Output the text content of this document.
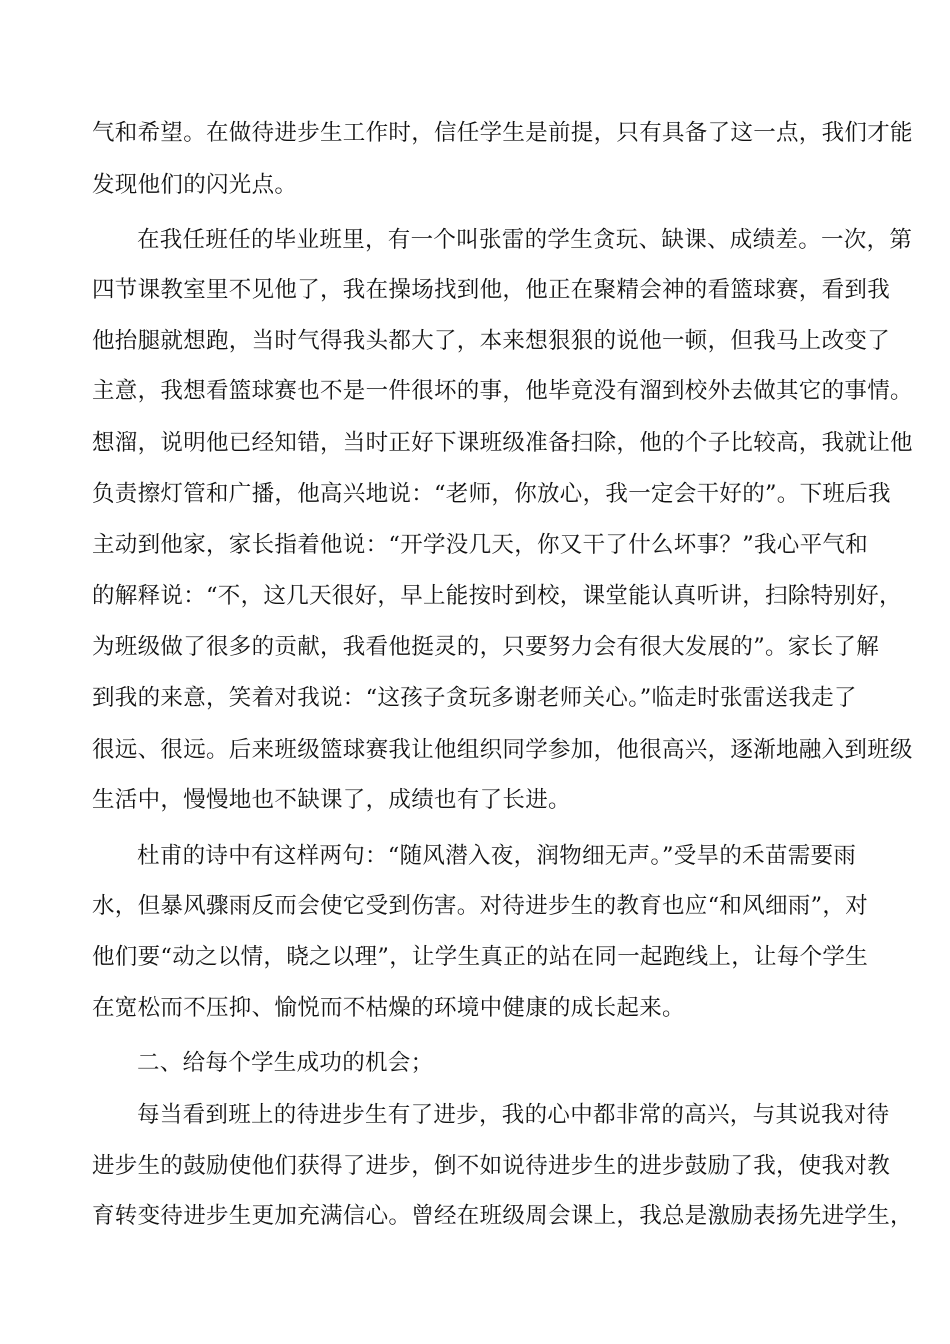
气和希望。在做待进步生工作时，信任学生是前提，只有具备了这一点，我们才能
发现他们的闪光点。
在我任班任的毕业班里，有一个叫张雷的学生贪玩、缺课、成绩差。一次，第
四节课教室里不见他了，我在操场找到他，他正在聚精会神的看篮球赛，看到我
他抬腿就想跑，当时气得我头都大了，本来想狠狠的说他一顿，但我马上改变了
主意，我想看篮球赛也不是一件很坏的事，他毕竟没有溜到校外去做其它的事情。
想溜，说明他已经知错，当时正好下课班级准备扫除，他的个子比较高，我就让他
负责擦灯管和广播，他高兴地说：“老师，你放心，我一定会干好的”。下班后我
主动到他家，家长指着他说：“开学没几天，你又干了什么坏事？”我心平气和
的解释说：“不，这几天很好，早上能按时到校，课堂能认真听讲，扫除特别好，
为班级做了很多的贡献，我看他挺灵的，只要努力会有很大发展的”。家长了解
到我的来意，笑着对我说：“这孩子贪玩多谢老师关心。”临走时张雷送我走了
很远、很远。后来班级篮球赛我让他组织同学参加，他很高兴，逐渐地融入到班级
生活中，慢慢地也不缺课了，成绩也有了长进。
杜甫的诗中有这样两句：“随风潜入夜，润物细无声。”受旱的禾苗需要雨
水，但暴风骤雨反而会使它受到伤害。对待进步生的教育也应“和风细雨”，对
他们要“动之以情，晓之以理”，让学生真正的站在同一起跑线上，让每个学生
在宽松而不压抑、愉悦而不枯燥的环境中健康的成长起来。
二、给每个学生成功的机会；
每当看到班上的待进步生有了进步，我的心中都非常的高兴，与其说我对待
进步生的鼓励使他们获得了进步，倒不如说待进步生的进步鼓励了我，使我对教
育转变待进步生更加充满信心。曾经在班级周会课上，我总是激励表扬先进学生，
